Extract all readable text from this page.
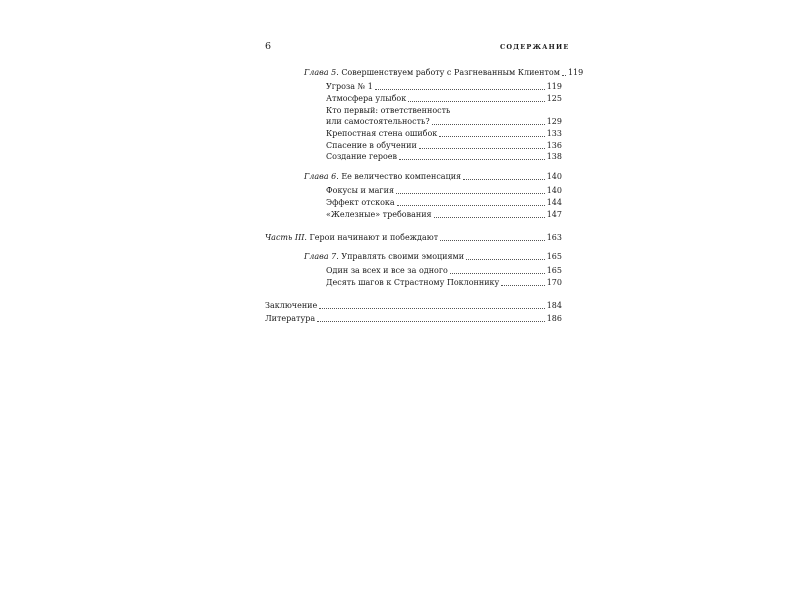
6	СОДЕРЖАНИЕ
Глава 5. Совершенствуем работу с Разгневанным Клиентом 119
Угроза № 1	119
Атмосфера улыбок	125
Кто первый: ответственность
или самостоятельность?	129
Крепостная стена ошибок	133
Спасение в обучении	136
Создание героев	138
Глава 6. Ее величество компенсация	140
Фокусы и магия	140
Эффект отскока	144
«Железные» требования	147
Часть III. Герои начинают и побеждают	163
Глава 7. Управлять своими эмоциями	165
Один за всех и все за одного	165
Десять шагов к Страстному Поклоннику	170
Заключение	184
Литература	186
